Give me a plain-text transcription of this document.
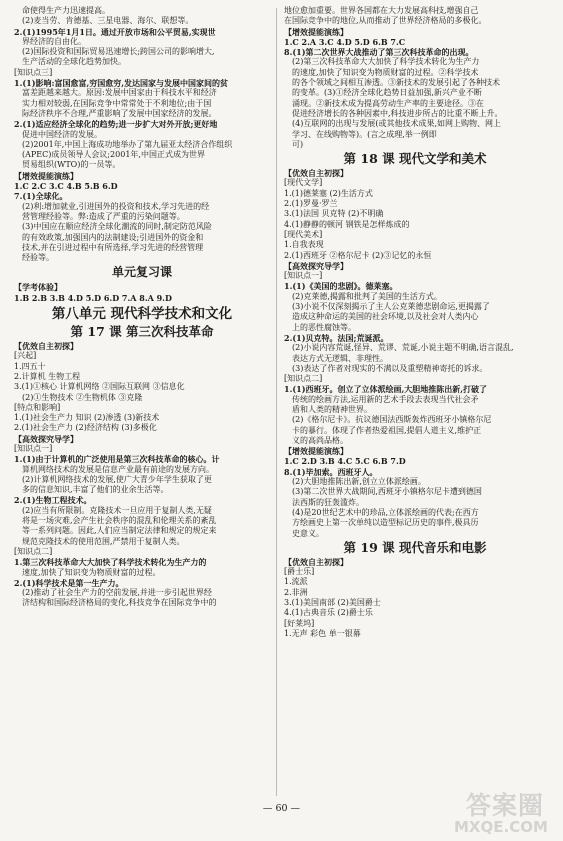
命使得生产力迅速提高。
(2)麦当劳、肯德基、三星电器、海尔、联想等。
2.(1)1995年1月1日。通过开放市场和公平贸易,实现世
界经济的自由化。
(2)国际投资和国际贸易迅速增长;跨国公司的影响增大,
生产活动的全球化趋势加快。
[知识点三]
1.(1)影响:富国愈富,穷国愈穷,发达国家与发展中国家间的贫
富差距越来越大。原因:发展中国家由于科技水平和经济
实力相对较弱,在国际竞争中常常处于不利地位;由于国
际经济秩序不合理,严重影响了发展中国家经济的发展。
2.(1)适应经济全球化的趋势;进一步扩大对外开放;更好地
促进中国经济的发展。
(2)2001年,中国上海成功地举办了第九届亚太经济合作组织
(APEC)成员领导人会议;2001年,中国正式成为世界
贸易组织(WTO)的一员等。
【增效提能演练】
1.C 2.C 3.C 4.B 5.B 6.D
7.(1)全球化。
(2)利:增加就业,引进国外的投资和技术,学习先进的经
营管理经验等。弊:造成了严重的污染问题等。
(3)中国应在顺应经济全球化潮流的同时,制定防范风险
的有效政策,加强国内的法制建设;引进国外的资金和
技术,并在引进过程中有所选择,学习先进的经营管理
经验等。
单元复习课
【学考体验】
1.B 2.B 3.B 4.D 5.D 6.D 7.A 8.A 9.D
第八单元 现代科学技术和文化
第 17 课 第三次科技革命
【优效自主初探】
[兴起]
1.四五十
2.计算机 生物工程
3.(1)①核心 计算机网络 ②国际互联网 ③信息化
(2)①生物技术 ②生物机体 ③克隆
[特点和影响]
1.(1)社会生产力 知识 (2)渗透 (3)新技术
2.(1)社会生产力 (2)经济结构 (3)多极化
【高效探究导学】
[知识点一]
1.(1)由于计算机的广泛使用是第三次科技革命的核心。计
算机网络技术的发展是信息产业最有前途的发展方向。
(2)计算机网络技术的发展,使广大青少年学生获取了更
多的信息知识,丰富了他们的业余生活等。
2.(1)生物工程技术。
(2)应当有所限制。克隆技术一旦应用于复制人类,无疑
将是一场灾难,会产生社会秩序的混乱和伦理关系的紊乱
等一系列问题。因此,人们应当制定法律和规定的规定来
规范克隆技术的使用范围,严禁用于复制人类。
[知识点二]
1.第三次科技革命大大加快了科学技术转化为生产力的
速度,加快了知识变为物质财富的过程。
2.(1)科学技术是第一生产力。
(2)推动了社会生产力的空前发展,并进一步引起世界经
济结构和国际经济格局的变化,科技竞争在国际竞争中的
地位愈加重要。世界各国都在大力发展高科技,增强自己
在国际竞争中的地位,从而推动了世界经济格局的多极化。
【增效提能演练】
1.C 2.A 3.C 4.D 5.D 6.B 7.C
8.(1)第二次世界大战推动了第三次科技革命的出现。
(2)第三次科技革命大大加快了科学技术转化为生产力
的速度,加快了知识变为物质财富的过程。②科学技术
的各个领域之间相互渗透。③新技术的发展引起了各种技术
的变革。(3)①经济全球化趋势日益加强,新兴产业不断
涌现。②新技术成为提高劳动生产率的主要途径。③在
促进经济增长的各种因素中,科技进步所占的比重不断上升。
(4)互联网的出现与发展(或其他技术成果,如网上购物、网上
学习、在线购物等)。(言之成理,举一例即
可)
第 18 课 现代文学和美术
【优效自主初探】
[现代文学]
1.(1)德莱塞 (2)生活方式
2.(1)罗曼·罗兰
3.(1)法国 贝克特 (2)不明确
4.(1)静静的顿河 钢铁是怎样炼成的
[现代美术]
1.自我表现
2.(1)西班牙 ②格尔尼卡 (2)③记忆的永恒
【高效探究导学】
[知识点一]
1.(1)《美国的悲剧》。德莱塞。
(2)克莱德,揭露和批判了美国的生活方式。
(3)小说不仅深刻揭示了主人公克莱德悲剧命运,更揭露了
造成这种命运的美国的社会环境,以及社会对人类内心
上的恶性腐蚀等。
2.(1)贝克特。法国;荒诞派。
(2)小说内容荒诞,怪异、荒谬、荒诞,小说主题不明确,语言混乱,
表达方式无逻辑、非理性。
(3)表达了作者对现实的不满以及重塑精神寄托的诉求。
[知识点二]
1.(1)西班牙。创立了立体派绘画,大胆地推陈出新,打破了
传统的绘画方法,运用新的艺术手段去表现当代社会矛
盾和人类的精神世界。
(2)《格尔尼卡》。抗议德国法西斯轰炸西班牙小镇格尔尼
卡的暴行。体现了作者热爱祖国,提倡人道主义,维护正
义的高尚品格。
【增效提能演练】
1.C 2.D 3.B 4.C 5.C 6.B 7.D
8.(1)毕加索。西班牙人。
(2)大胆地推陈出新,创立立体派绘画。
(3)第二次世界大战期间,西班牙小镇格尔尼卡遭到德国
法西斯的狂轰滥炸。
(4)是20世纪艺术中的珍品,立体派绘画的代表;在西方
方绘画史上第一次单纯以造型标记历史的事件,极具历
史意义。
第 19 课 现代音乐和电影
【优效自主初探】
[爵士乐]
1.流派
2.非洲
3.(1)美国南部 (2)美国爵士
4.(1)古典音乐 (2)爵士乐
[好莱坞]
1.无声 彩色 单一银幕
— 60 —	答案圈
MXQE.COM
